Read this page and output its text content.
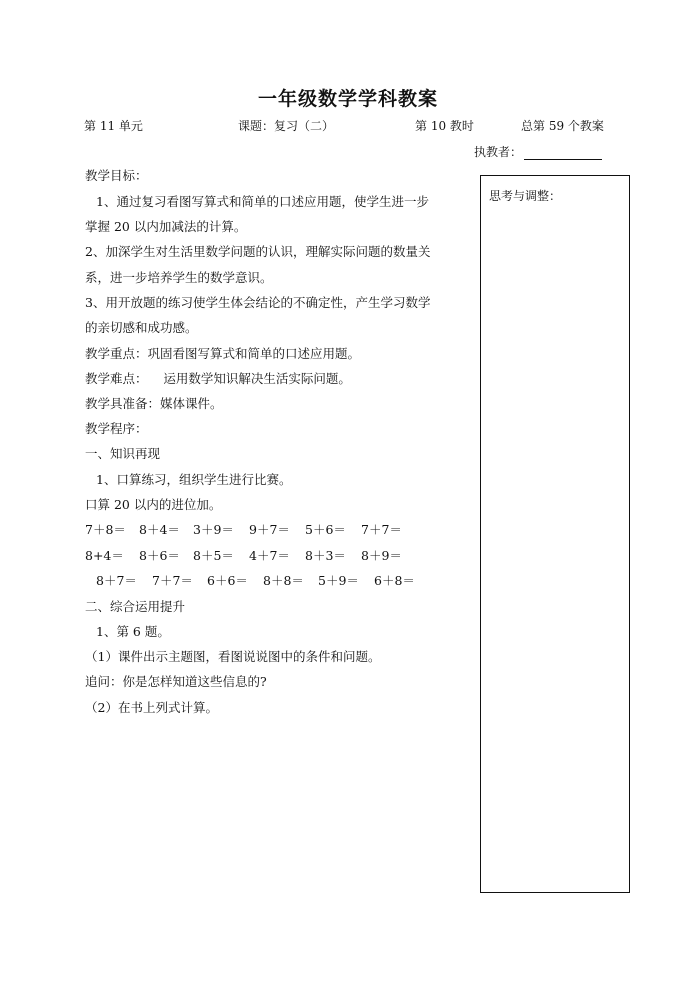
一年级数学学科教案
第 11 单元	课题：复习（二）	第 10 教时	总第 59 个教案
执教者：
思考与调整：
教学目标：
1、通过复习看图写算式和简单的口述应用题，使学生进一步
掌握 20 以内加减法的计算。
2、加深学生对生活里数学问题的认识，理解实际问题的数量关
系，进一步培养学生的数学意识。
3、用开放题的练习使学生体会结论的不确定性，产生学习数学
的亲切感和成功感。
教学重点：巩固看图写算式和简单的口述应用题。
教学难点：    运用数学知识解决生活实际问题。
教学具准备：媒体课件。
教学程序：
一、知识再现
1、口算练习，组织学生进行比赛。
口算 20 以内的进位加。
7＋8＝ 8＋4＝ 3＋9＝ 9＋7＝ 5＋6＝ 7＋7＝
8+4＝ 8＋6＝ 8＋5＝ 4＋7＝ 8＋3＝ 8＋9＝
8＋7＝ 7＋7＝ 6＋6＝ 8＋8＝ 5＋9＝ 6＋8＝
二、综合运用提升
1、第 6 题。
（1）课件出示主题图，看图说说图中的条件和问题。
追问：你是怎样知道这些信息的?
（2）在书上列式计算。
